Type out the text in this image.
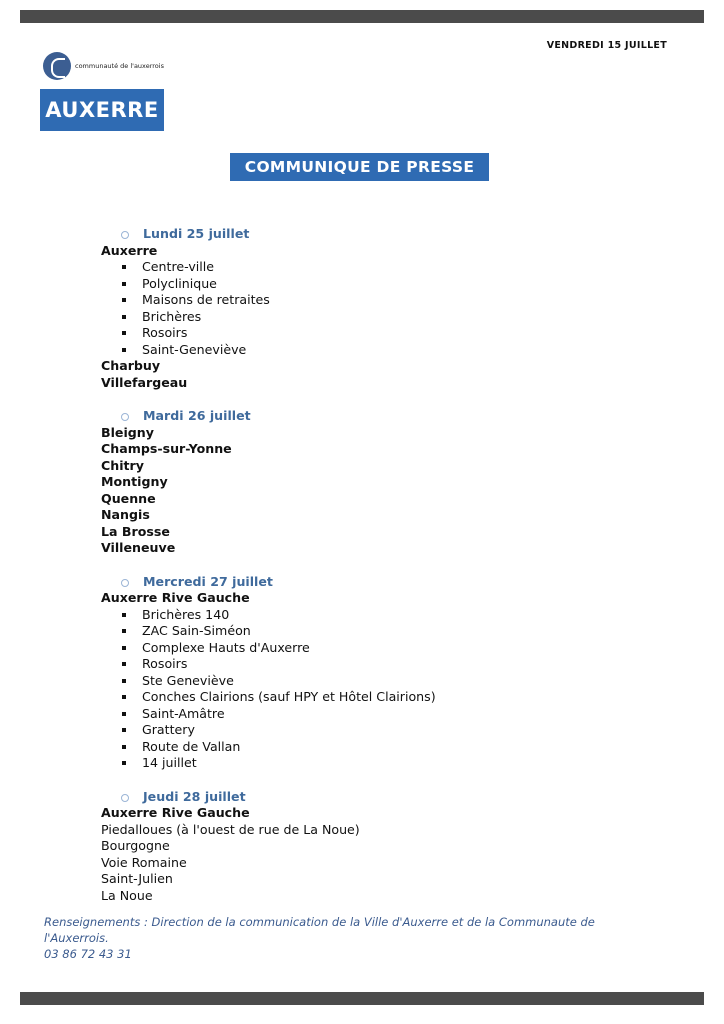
VENDREDI 15 JUILLET
communauté de l'auxerrois
AUXERRE
COMMUNIQUE DE PRESSE
Lundi 25 juillet
Auxerre
Centre-ville
Polyclinique
Maisons de retraites
Brichères
Rosoirs
Saint-Geneviève
Charbuy
Villefargeau
Mardi 26 juillet
Bleigny
Champs-sur-Yonne
Chitry
Montigny
Quenne
Nangis
La Brosse
Villeneuve
Mercredi 27 juillet
Auxerre Rive Gauche
Brichères 140
ZAC Sain-Siméon
Complexe Hauts d'Auxerre
Rosoirs
Ste Geneviève
Conches Clairions (sauf HPY et Hôtel Clairions)
Saint-Amâtre
Grattery
Route de Vallan
14 juillet
Jeudi 28 juillet
Auxerre Rive Gauche
Piedalloues (à l'ouest de rue de La Noue)
Bourgogne
Voie Romaine
Saint-Julien
La Noue
Renseignements : Direction de la communication de la Ville d'Auxerre et de la Communaute de l'Auxerrois.
03 86 72 43 31
